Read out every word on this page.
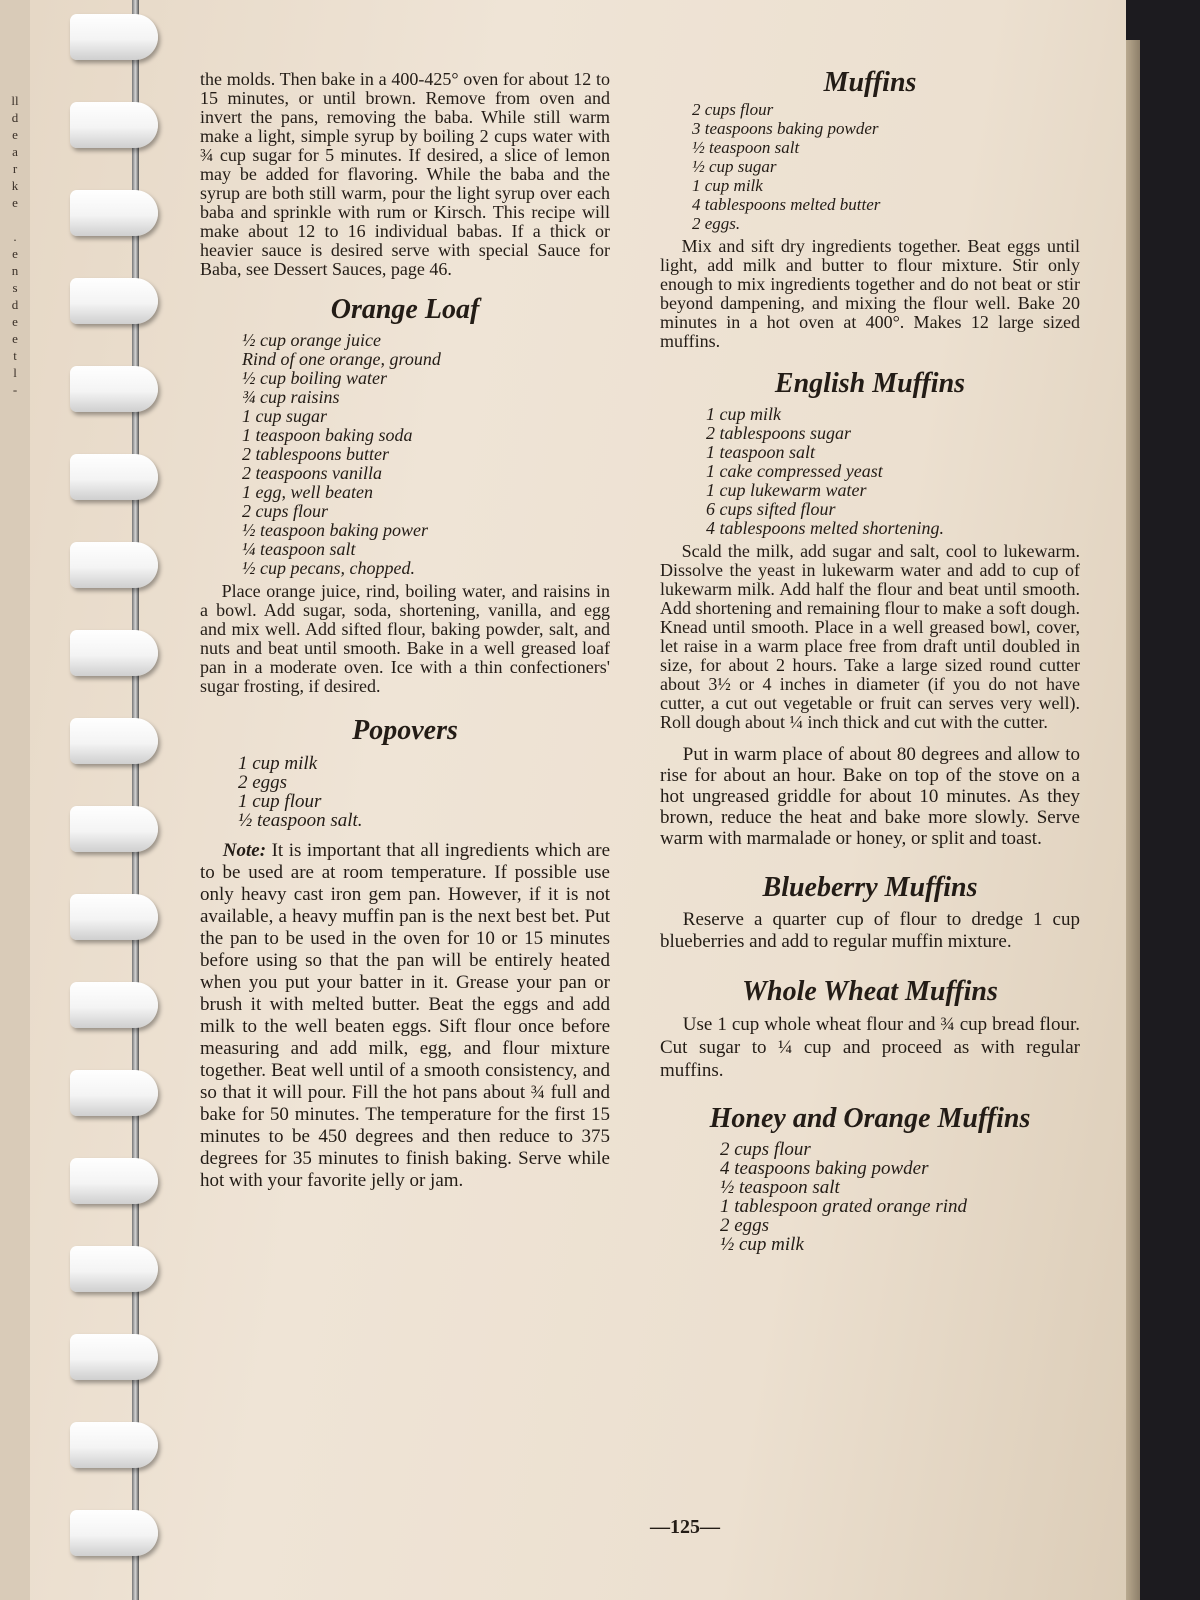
ll
d
e
a
r
k
e
.
e
n
s
d
e
e
t
l
-

the molds. Then bake in a 400-425° oven for about 12 to 15 minutes, or until brown. Remove from oven and invert the pans, removing the baba. While still warm make a light, simple syrup by boiling 2 cups water with ¾ cup sugar for 5 minutes. If desired, a slice of lemon may be added for flavoring. While the baba and the syrup are both still warm, pour the light syrup over each baba and sprinkle with rum or Kirsch. This recipe will make about 12 to 16 individual babas. If a thick or heavier sauce is desired serve with special Sauce for Baba, see Dessert Sauces, page 46.

Orange Loaf
½ cup orange juice
Rind of one orange, ground
½ cup boiling water
¾ cup raisins
1 cup sugar
1 teaspoon baking soda
2 tablespoons butter
2 teaspoons vanilla
1 egg, well beaten
2 cups flour
½ teaspoon baking power
¼ teaspoon salt
½ cup pecans, chopped.

Place orange juice, rind, boiling water, and raisins in a bowl. Add sugar, soda, shortening, vanilla, and egg and mix well. Add sifted flour, baking powder, salt, and nuts and beat until smooth. Bake in a well greased loaf pan in a moderate oven. Ice with a thin confectioners' sugar frosting, if desired.

Popovers
1 cup milk
2 eggs
1 cup flour
½ teaspoon salt.

Note: It is important that all ingredients which are to be used are at room temperature. If possible use only heavy cast iron gem pan. However, if it is not available, a heavy muffin pan is the next best bet. Put the pan to be used in the oven for 10 or 15 minutes before using so that the pan will be entirely heated when you put your batter in it. Grease your pan or brush it with melted butter. Beat the eggs and add milk to the well beaten eggs. Sift flour once before measuring and add milk, egg, and flour mixture together. Beat well until of a smooth consistency, and so that it will pour. Fill the hot pans about ¾ full and bake for 50 minutes. The temperature for the first 15 minutes to be 450 degrees and then reduce to 375 degrees for 35 minutes to finish baking. Serve while hot with your favorite jelly or jam.

Muffins
2 cups flour
3 teaspoons baking powder
½ teaspoon salt
½ cup sugar
1 cup milk
4 tablespoons melted butter
2 eggs.

Mix and sift dry ingredients together. Beat eggs until light, add milk and butter to flour mixture. Stir only enough to mix ingredients together and do not beat or stir beyond dampening, and mixing the flour well. Bake 20 minutes in a hot oven at 400°. Makes 12 large sized muffins.

English Muffins
1 cup milk
2 tablespoons sugar
1 teaspoon salt
1 cake compressed yeast
1 cup lukewarm water
6 cups sifted flour
4 tablespoons melted shortening.

Scald the milk, add sugar and salt, cool to lukewarm. Dissolve the yeast in lukewarm water and add to cup of lukewarm milk. Add half the flour and beat until smooth. Add shortening and remaining flour to make a soft dough. Knead until smooth. Place in a well greased bowl, cover, let raise in a warm place free from draft until doubled in size, for about 2 hours. Take a large sized round cutter about 3½ or 4 inches in diameter (if you do not have cutter, a cut out vegetable or fruit can serves very well). Roll dough about ¼ inch thick and cut with the cutter.

Put in warm place of about 80 degrees and allow to rise for about an hour. Bake on top of the stove on a hot ungreased griddle for about 10 minutes. As they brown, reduce the heat and bake more slowly. Serve warm with marmalade or honey, or split and toast.

Blueberry Muffins

Reserve a quarter cup of flour to dredge 1 cup blueberries and add to regular muffin mixture.

Whole Wheat Muffins

Use 1 cup whole wheat flour and ¾ cup bread flour. Cut sugar to ¼ cup and proceed as with regular muffins.

Honey and Orange Muffins
2 cups flour
4 teaspoons baking powder
½ teaspoon salt
1 tablespoon grated orange rind
2 eggs
½ cup milk
—125—
